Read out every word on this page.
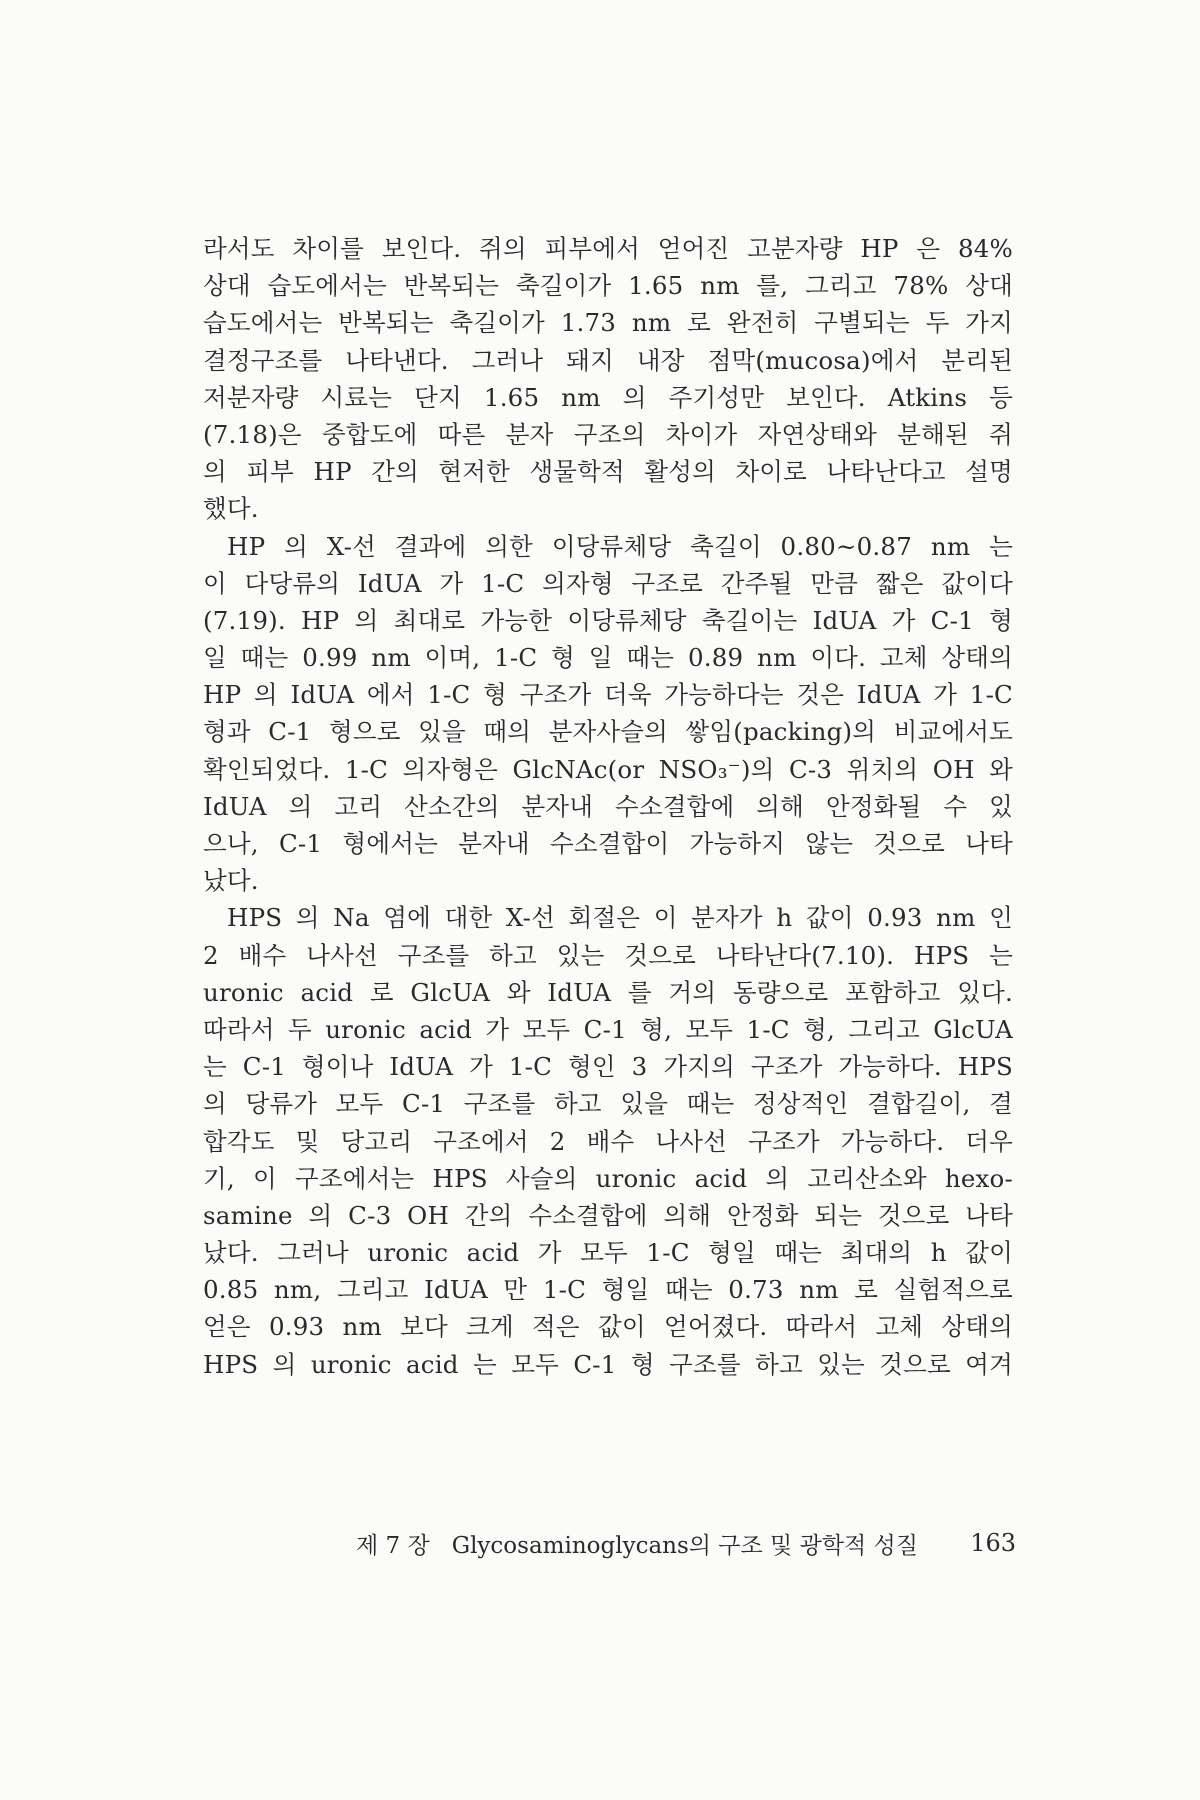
라서도 차이를 보인다. 쥐의 피부에서 얻어진 고분자량 HP 은 84%
상대 습도에서는 반복되는 축길이가 1.65 nm 를, 그리고 78% 상대
습도에서는 반복되는 축길이가 1.73 nm 로 완전히 구별되는 두 가지
결정구조를 나타낸다. 그러나 돼지 내장 점막(mucosa)에서 분리된
저분자량 시료는 단지 1.65 nm 의 주기성만 보인다. Atkins 등
(7.18)은 중합도에 따른 분자 구조의 차이가 자연상태와 분해된 쥐
의 피부 HP 간의 현저한 생물학적 활성의 차이로 나타난다고 설명
했다.
HP 의 X-선 결과에 의한 이당류체당 축길이 0.80~0.87 nm 는
이 다당류의 IdUA 가 1-C 의자형 구조로 간주될 만큼 짧은 값이다
(7.19). HP 의 최대로 가능한 이당류체당 축길이는 IdUA 가 C-1 형
일 때는 0.99 nm 이며, 1-C 형 일 때는 0.89 nm 이다. 고체 상태의
HP 의 IdUA 에서 1-C 형 구조가 더욱 가능하다는 것은 IdUA 가 1-C
형과 C-1 형으로 있을 때의 분자사슬의 쌓임(packing)의 비교에서도
확인되었다. 1-C 의자형은 GlcNAc(or NSO₃⁻)의 C-3 위치의 OH 와
IdUA 의 고리 산소간의 분자내 수소결합에 의해 안정화될 수 있
으나, C-1 형에서는 분자내 수소결합이 가능하지 않는 것으로 나타
났다.
HPS 의 Na 염에 대한 X-선 회절은 이 분자가 h 값이 0.93 nm 인
2 배수 나사선 구조를 하고 있는 것으로 나타난다(7.10). HPS 는
uronic acid 로 GlcUA 와 IdUA 를 거의 동량으로 포함하고 있다.
따라서 두 uronic acid 가 모두 C-1 형, 모두 1-C 형, 그리고 GlcUA
는 C-1 형이나 IdUA 가 1-C 형인 3 가지의 구조가 가능하다. HPS
의 당류가 모두 C-1 구조를 하고 있을 때는 정상적인 결합길이, 결
합각도 및 당고리 구조에서 2 배수 나사선 구조가 가능하다. 더우
기, 이 구조에서는 HPS 사슬의 uronic acid 의 고리산소와 hexo-
samine 의 C-3 OH 간의 수소결합에 의해 안정화 되는 것으로 나타
났다. 그러나 uronic acid 가 모두 1-C 형일 때는 최대의 h 값이
0.85 nm, 그리고 IdUA 만 1-C 형일 때는 0.73 nm 로 실험적으로
얻은 0.93 nm 보다 크게 적은 값이 얻어졌다. 따라서 고체 상태의
HPS 의 uronic acid 는 모두 C-1 형 구조를 하고 있는 것으로 여겨
제 7 장 Glycosaminoglycans의 구조 및 광학적 성질 163
